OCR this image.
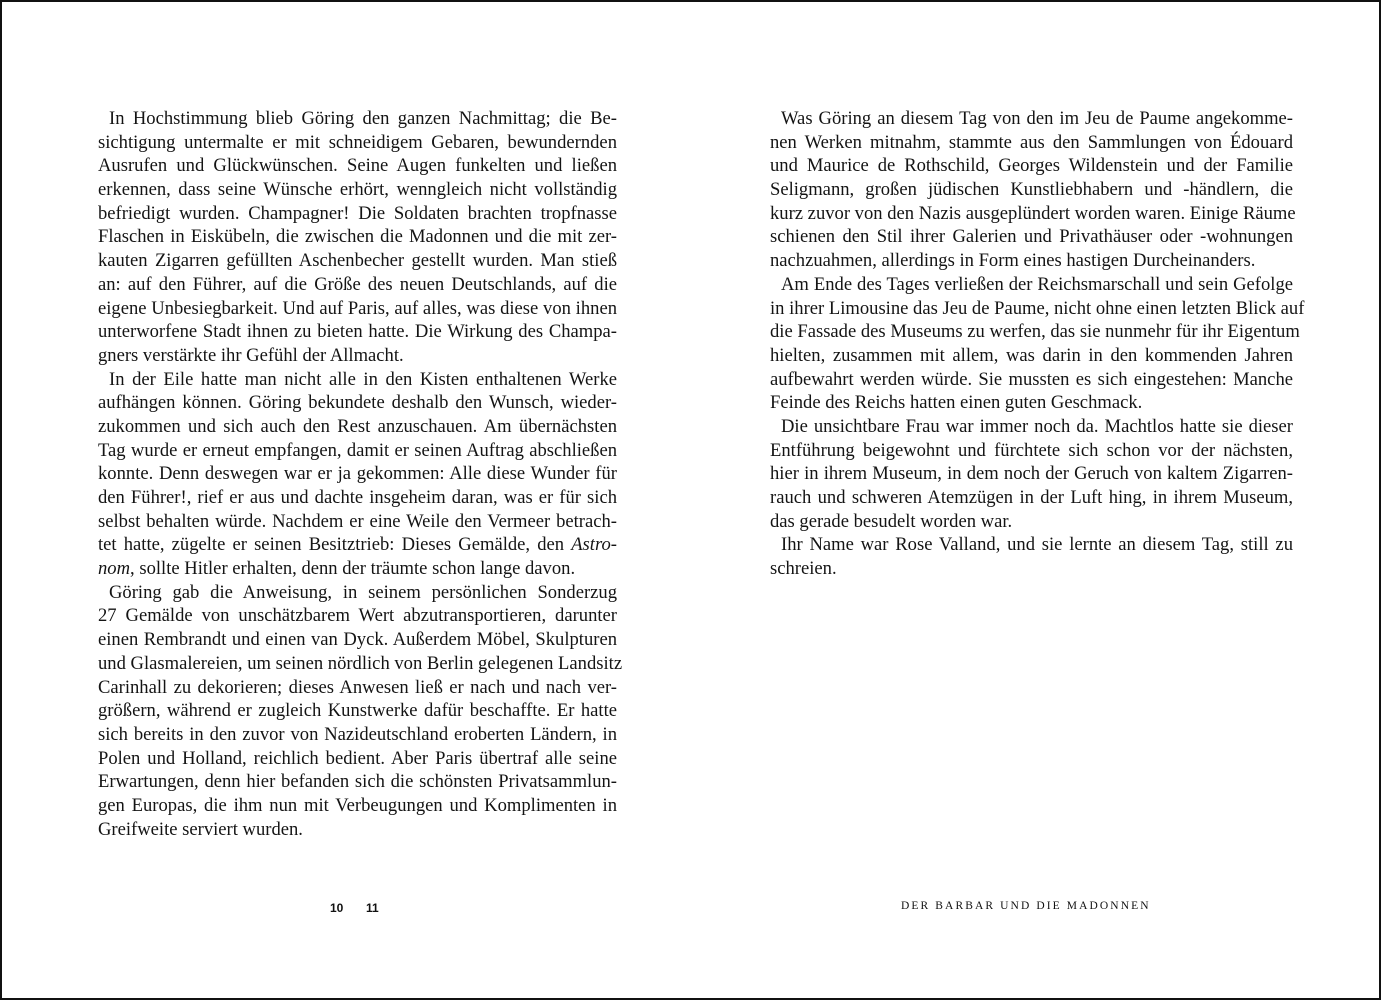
In Hochstimmung blieb Göring den ganzen Nachmittag; die Be-
sichtigung untermalte er mit schneidigem Gebaren, bewundernden
Ausrufen und Glückwünschen. Seine Augen funkelten und ließen
erkennen, dass seine Wünsche erhört, wenngleich nicht vollständig
befriedigt wurden. Champagner! Die Soldaten brachten tropfnasse
Flaschen in Eiskübeln, die zwischen die Madonnen und die mit zer-
kauten Zigarren gefüllten Aschenbecher gestellt wurden. Man stieß
an: auf den Führer, auf die Größe des neuen Deutschlands, auf die
eigene Unbesiegbarkeit. Und auf Paris, auf alles, was diese von ihnen
unterworfene Stadt ihnen zu bieten hatte. Die Wirkung des Champa-
gners verstärkte ihr Gefühl der Allmacht.
In der Eile hatte man nicht alle in den Kisten enthaltenen Werke
aufhängen können. Göring bekundete deshalb den Wunsch, wieder-
zukommen und sich auch den Rest anzuschauen. Am übernächsten
Tag wurde er erneut empfangen, damit er seinen Auftrag abschließen
konnte. Denn deswegen war er ja gekommen: Alle diese Wunder für
den Führer!, rief er aus und dachte insgeheim daran, was er für sich
selbst behalten würde. Nachdem er eine Weile den Vermeer betrach-
tet hatte, zügelte er seinen Besitztrieb: Dieses Gemälde, den Astro-
nom, sollte Hitler erhalten, denn der träumte schon lange davon.
Göring gab die Anweisung, in seinem persönlichen Sonderzug
27 Gemälde von unschätzbarem Wert abzutransportieren, darunter
einen Rembrandt und einen van Dyck. Außerdem Möbel, Skulpturen
und Glasmalereien, um seinen nördlich von Berlin gelegenen Landsitz
Carinhall zu dekorieren; dieses Anwesen ließ er nach und nach ver-
größern, während er zugleich Kunstwerke dafür beschaffte. Er hatte
sich bereits in den zuvor von Nazideutschland eroberten Ländern, in
Polen und Holland, reichlich bedient. Aber Paris übertraf alle seine
Erwartungen, denn hier befanden sich die schönsten Privatsammlun-
gen Europas, die ihm nun mit Verbeugungen und Komplimenten in
Greifweite serviert wurden.
Was Göring an diesem Tag von den im Jeu de Paume angekomme-
nen Werken mitnahm, stammte aus den Sammlungen von Édouard
und Maurice de Rothschild, Georges Wildenstein und der Familie
Seligmann, großen jüdischen Kunstliebhabern und -händlern, die
kurz zuvor von den Nazis ausgeplündert worden waren. Einige Räume
schienen den Stil ihrer Galerien und Privathäuser oder -wohnungen
nachzuahmen, allerdings in Form eines hastigen Durcheinanders.
Am Ende des Tages verließen der Reichsmarschall und sein Gefolge
in ihrer Limousine das Jeu de Paume, nicht ohne einen letzten Blick auf
die Fassade des Museums zu werfen, das sie nunmehr für ihr Eigentum
hielten, zusammen mit allem, was darin in den kommenden Jahren
aufbewahrt werden würde. Sie mussten es sich eingestehen: Manche
Feinde des Reichs hatten einen guten Geschmack.
Die unsichtbare Frau war immer noch da. Machtlos hatte sie dieser
Entführung beigewohnt und fürchtete sich schon vor der nächsten,
hier in ihrem Museum, in dem noch der Geruch von kaltem Zigarren-
rauch und schweren Atemzügen in der Luft hing, in ihrem Museum,
das gerade besudelt worden war.
Ihr Name war Rose Valland, und sie lernte an diesem Tag, still zu
schreien.
10 11	DER BARBAR UND DIE MADONNEN
